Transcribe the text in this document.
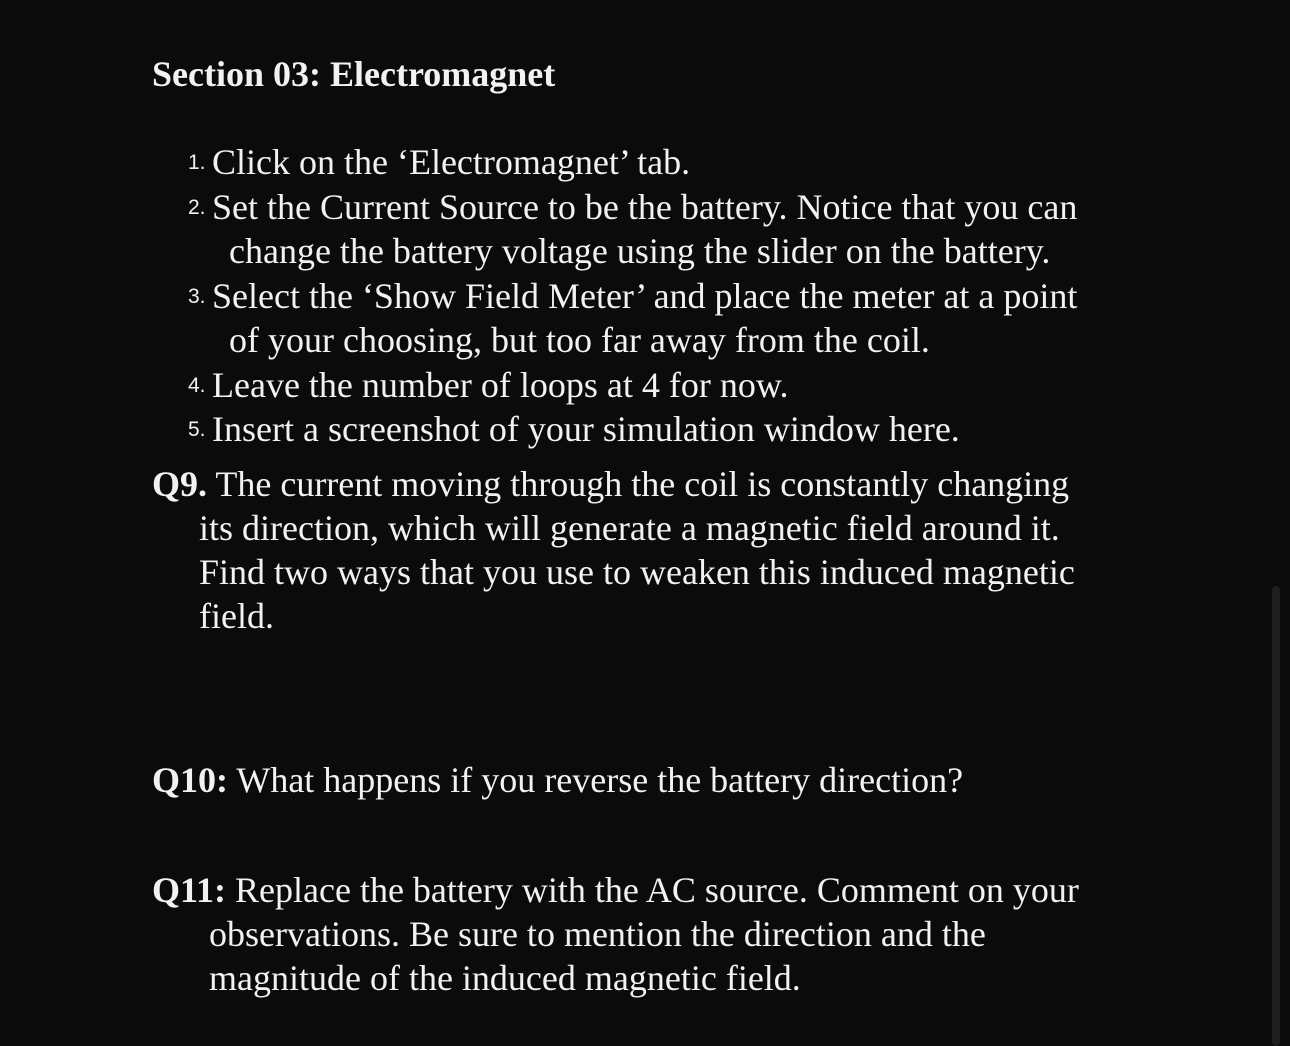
Section 03: Electromagnet
1. Click on the ‘Electromagnet’ tab.
2. Set the Current Source to be the battery. Notice that you can
change the battery voltage using the slider on the battery.
3. Select the ‘Show Field Meter’ and place the meter at a point
of your choosing, but too far away from the coil.
4. Leave the number of loops at 4 for now.
5. Insert a screenshot of your simulation window here.
Q9. The current moving through the coil is constantly changing
its direction, which will generate a magnetic field around it.
Find two ways that you use to weaken this induced magnetic
field.
Q10: What happens if you reverse the battery direction?
Q11: Replace the battery with the AC source. Comment on your
observations. Be sure to mention the direction and the
magnitude of the induced magnetic field.
